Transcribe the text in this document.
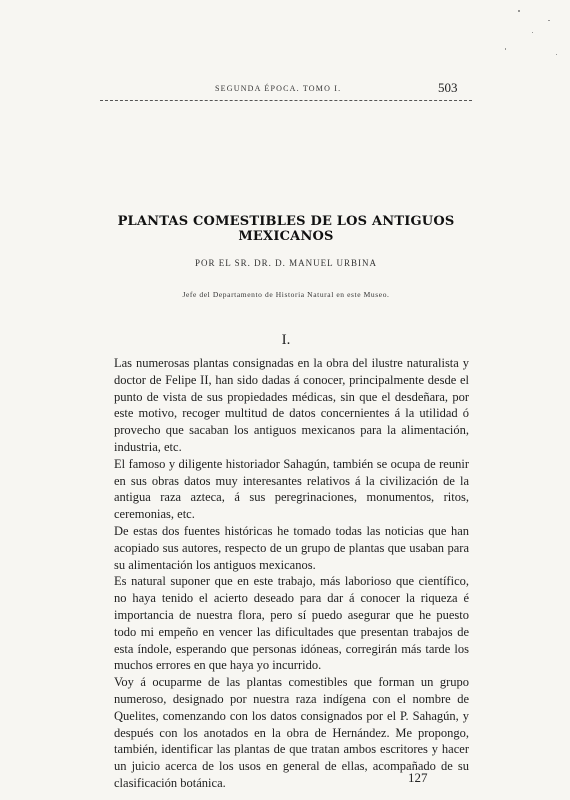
SEGUNDA ÉPOCA. TOMO I.	503
PLANTAS COMESTIBLES DE LOS ANTIGUOS MEXICANOS
POR EL SR. DR. D. MANUEL URBINA
Jefe del Departamento de Historia Natural en este Museo.
I.

Las numerosas plantas consignadas en la obra del ilustre naturalista y doctor de Felipe II, han sido dadas á conocer, principalmente desde el punto de vista de sus propiedades médicas, sin que el desdeñara, por este motivo, recoger multitud de datos concernientes á la utilidad ó provecho que sacaban los antiguos mexicanos para la alimentación, industria, etc.

El famoso y diligente historiador Sahagún, también se ocupa de reunir en sus obras datos muy interesantes relativos á la civilización de la antigua raza azteca, á sus peregrinaciones, monumentos, ritos, ceremonias, etc.

De estas dos fuentes históricas he tomado todas las noticias que han acopiado sus autores, respecto de un grupo de plantas que usaban para su alimentación los antiguos mexicanos.

Es natural suponer que en este trabajo, más laborioso que científico, no haya tenido el acierto deseado para dar á conocer la riqueza é importancia de nuestra flora, pero sí puedo asegurar que he puesto todo mi empeño en vencer las dificultades que presentan trabajos de esta índole, esperando que personas idóneas, corregirán más tarde los muchos errores en que haya yo incurrido.

Voy á ocuparme de las plantas comestibles que forman un grupo numeroso, designado por nuestra raza indígena con el nombre de Quelites, comenzando con los datos consignados por el P. Sahagún, y después con los anotados en la obra de Hernández. Me propongo, también, identificar las plantas de que tratan ambos escritores y hacer un juicio acerca de los usos en general de ellas, acompañado de su clasificación botánica.	127
